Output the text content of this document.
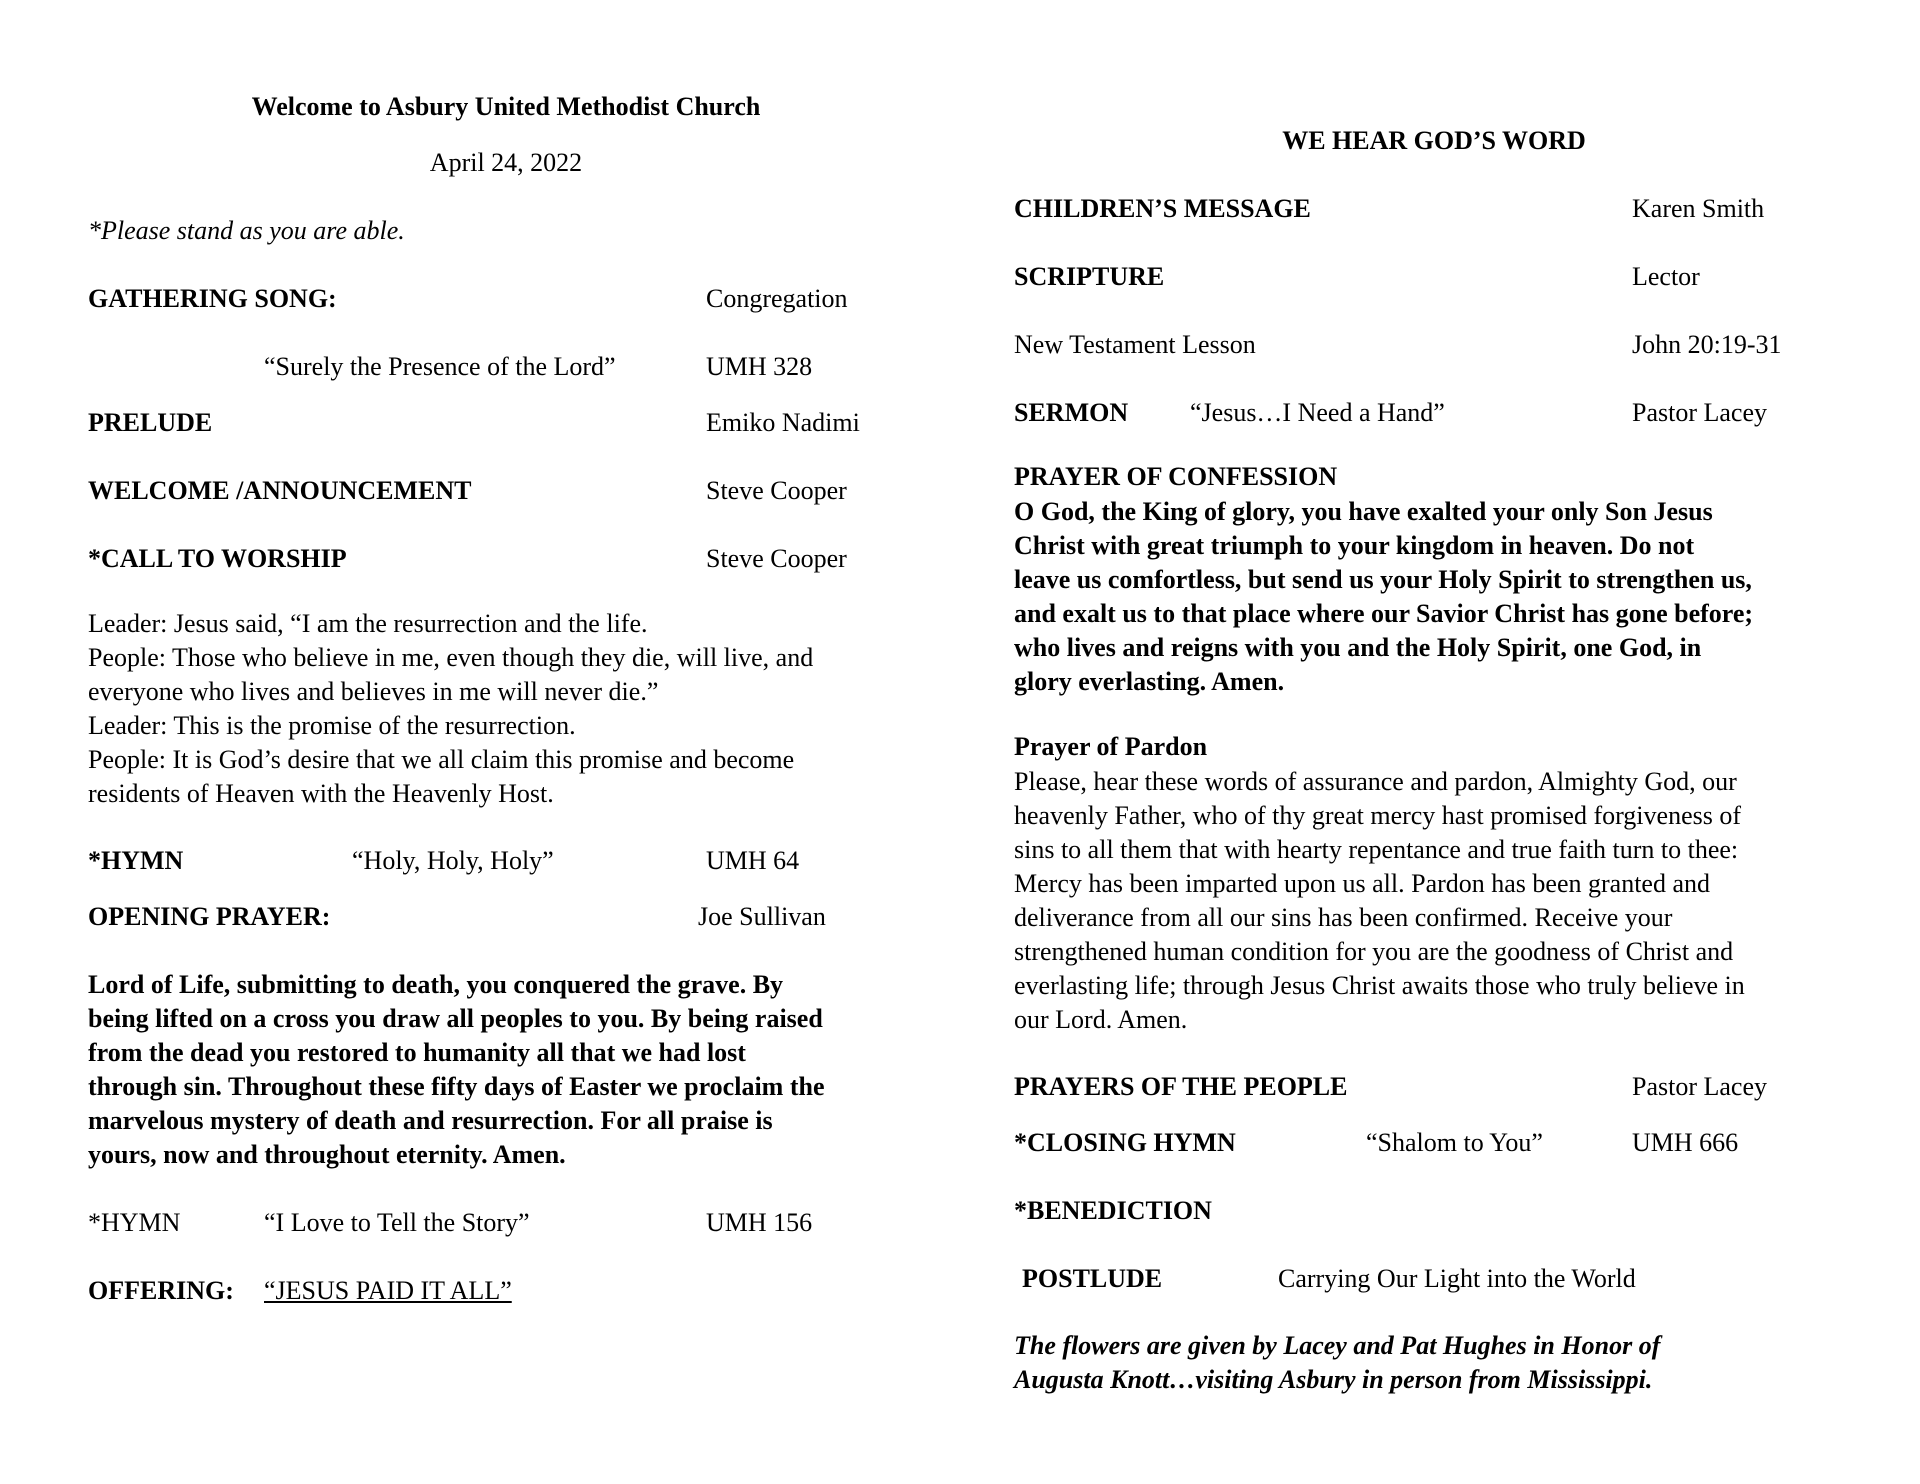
Welcome to Asbury United Methodist Church
April 24, 2022
*Please stand as you are able.
GATHERING SONG:	Congregation
“Surely the Presence of the Lord”	UMH 328
PRELUDE	Emiko Nadimi
WELCOME /ANNOUNCEMENT	Steve Cooper
*CALL TO WORSHIP	Steve Cooper
Leader: Jesus said, “I am the resurrection and the life.
People: Those who believe in me, even though they die, will live, and
everyone who lives and believes in me will never die.”
Leader: This is the promise of the resurrection.
People: It is God’s desire that we all claim this promise and become
residents of Heaven with the Heavenly Host.
*HYMN	“Holy, Holy, Holy”	UMH 64
OPENING PRAYER:	Joe Sullivan
Lord of Life, submitting to death, you conquered the grave. By
being lifted on a cross you draw all peoples to you. By being raised
from the dead you restored to humanity all that we had lost
through sin. Throughout these fifty days of Easter we proclaim the
marvelous mystery of death and resurrection. For all praise is
yours, now and throughout eternity. Amen.
*HYMN	“I Love to Tell the Story”	UMH 156
OFFERING: “JESUS PAID IT ALL”
WE HEAR GOD’S WORD
CHILDREN’S MESSAGE	Karen Smith
SCRIPTURE	Lector
New Testament Lesson	John 20:19-31
SERMON “Jesus…I Need a Hand”	Pastor Lacey
PRAYER OF CONFESSION
O God, the King of glory, you have exalted your only Son Jesus
Christ with great triumph to your kingdom in heaven. Do not
leave us comfortless, but send us your Holy Spirit to strengthen us,
and exalt us to that place where our Savior Christ has gone before;
who lives and reigns with you and the Holy Spirit, one God, in
glory everlasting. Amen.
Prayer of Pardon
Please, hear these words of assurance and pardon, Almighty God, our
heavenly Father, who of thy great mercy hast promised forgiveness of
sins to all them that with hearty repentance and true faith turn to thee:
Mercy has been imparted upon us all. Pardon has been granted and
deliverance from all our sins has been confirmed. Receive your
strengthened human condition for you are the goodness of Christ and
everlasting life; through Jesus Christ awaits those who truly believe in
our Lord. Amen.
PRAYERS OF THE PEOPLE	Pastor Lacey
*CLOSING HYMN	“Shalom to You”	UMH 666
*BENEDICTION
POSTLUDE	Carrying Our Light into the World
The flowers are given by Lacey and Pat Hughes in Honor of
Augusta Knott…visiting Asbury in person from Mississippi.
